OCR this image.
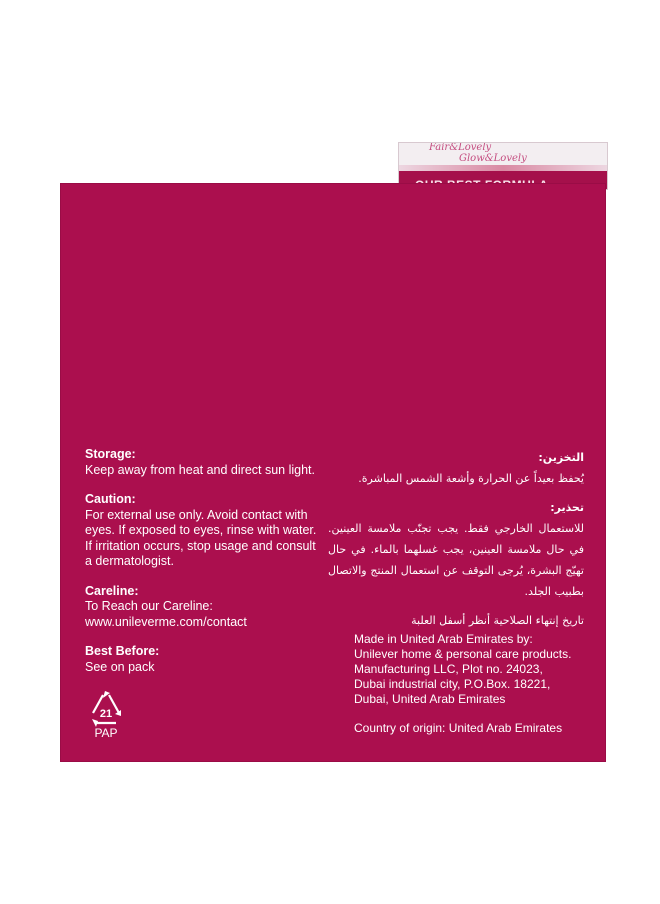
Fair&Lovely
Glow&Lovely
Storage:
Keep away from heat and direct sun light.
Caution:
For external use only. Avoid contact with eyes. If exposed to eyes, rinse with water. If irritation occurs, stop usage and consult a dermatologist.
Careline:
To Reach our Careline:
www.unileverme.com/contact
Best Before:
See on pack
21
PAP
التخزين:
يُحفظ بعيداً عن الحرارة وأشعة الشمس المباشرة.
تحذير:
للاستعمال الخارجي فقط. يجب تجنّب ملامسة العينين. في حال ملامسة العينين، يجب غسلهما بالماء. في حال تهيّج البشرة، يُرجى التوقف عن استعمال المنتج والاتصال بطبيب الجلد.
تاريخ إنتهاء الصلاحية أنظر أسفل العلبة
Made in United Arab Emirates by:
Unilever home & personal care products.
Manufacturing LLC, Plot no. 24023,
Dubai industrial city, P.O.Box. 18221,
Dubai, United Arab Emirates
Country of origin: United Arab Emirates
